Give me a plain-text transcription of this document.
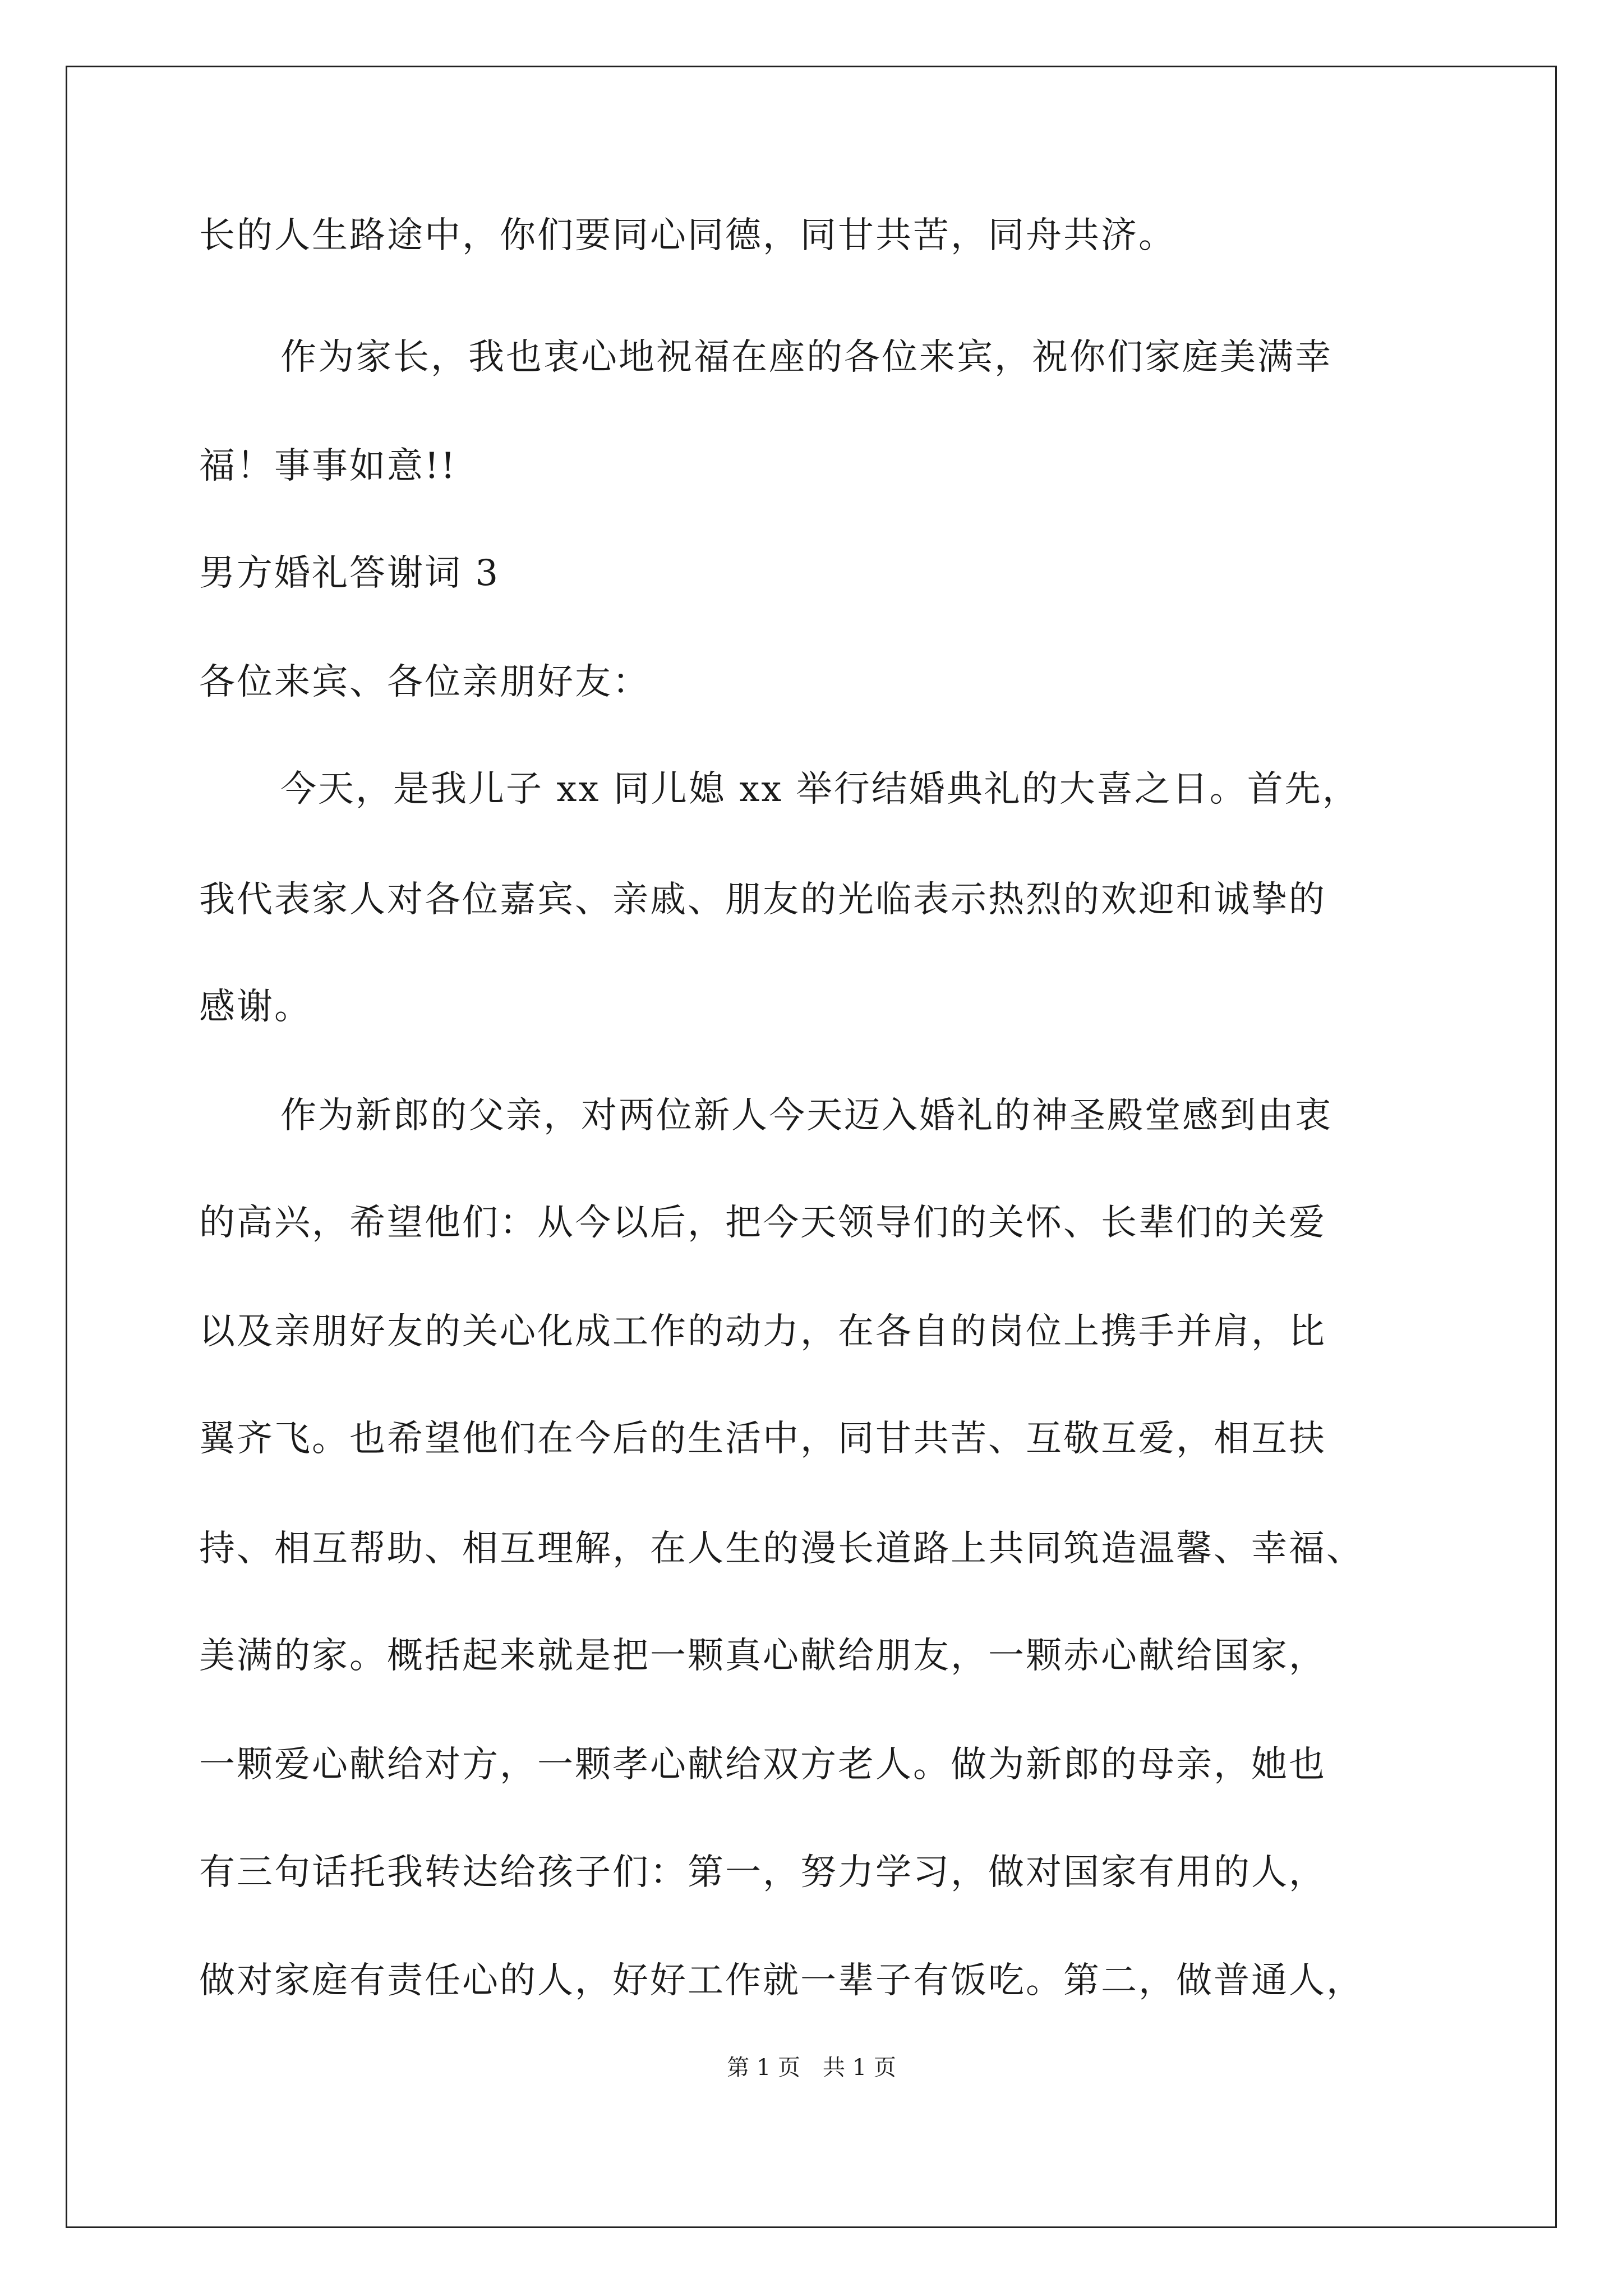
长的人生路途中，你们要同心同德，同甘共苦，同舟共济。
作为家长，我也衷心地祝福在座的各位来宾，祝你们家庭美满幸
福！事事如意!!
男方婚礼答谢词 3
各位来宾、各位亲朋好友：
今天，是我儿子 xx 同儿媳 xx 举行结婚典礼的大喜之日。首先，
我代表家人对各位嘉宾、亲戚、朋友的光临表示热烈的欢迎和诚挚的
感谢。
作为新郎的父亲，对两位新人今天迈入婚礼的神圣殿堂感到由衷
的高兴，希望他们：从今以后，把今天领导们的关怀、长辈们的关爱
以及亲朋好友的关心化成工作的动力，在各自的岗位上携手并肩，比
翼齐飞。也希望他们在今后的生活中，同甘共苦、互敬互爱，相互扶
持、相互帮助、相互理解，在人生的漫长道路上共同筑造温馨、幸福、
美满的家。概括起来就是把一颗真心献给朋友，一颗赤心献给国家，
一颗爱心献给对方，一颗孝心献给双方老人。做为新郎的母亲，她也
有三句话托我转达给孩子们：第一，努力学习，做对国家有用的人，
做对家庭有责任心的人，好好工作就一辈子有饭吃。第二，做普通人，
第 1 页　共 1 页
